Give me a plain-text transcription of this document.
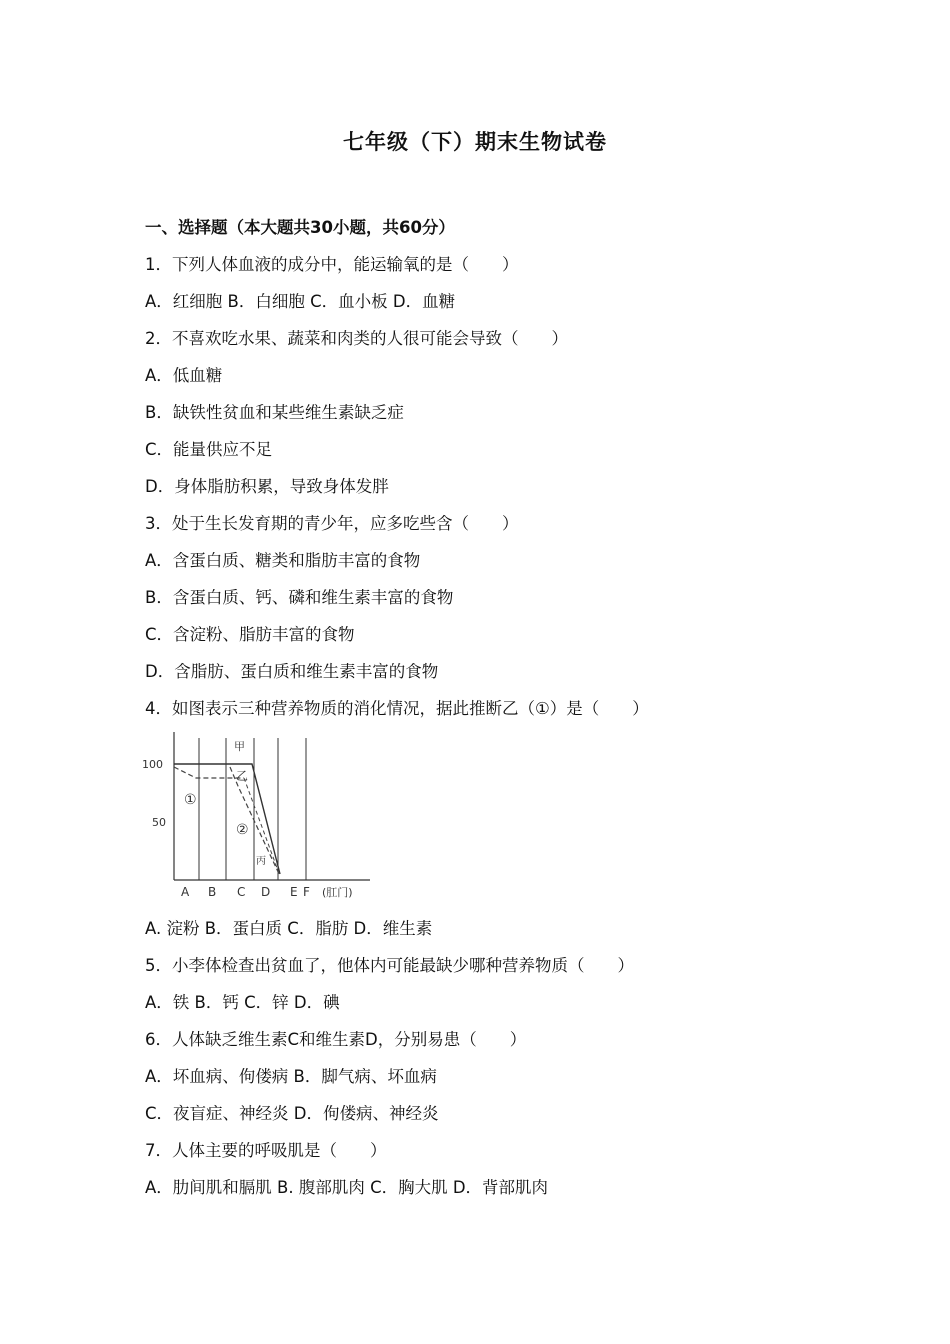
七年级（下）期末生物试卷
一、选择题（本大题共30小题，共60分）
1．下列人体血液的成分中，能运输氧的是（　　）
A．红细胞 B．白细胞 C．血小板 D．血糖
2．不喜欢吃水果、蔬菜和肉类的人很可能会导致（　　）
A．低血糖
B．缺铁性贫血和某些维生素缺乏症
C．能量供应不足
D．身体脂肪积累，导致身体发胖
3．处于生长发育期的青少年，应多吃些含（　　）
A．含蛋白质、糖类和脂肪丰富的食物
B．含蛋白质、钙、磷和维生素丰富的食物
C．含淀粉、脂肪丰富的食物
D．含脂肪、蛋白质和维生素丰富的食物
4．如图表示三种营养物质的消化情况，据此推断乙（①）是（　　）
100
50
甲
乙
丙
①
②
A B C D E F (肛门)
A. 淀粉 B．蛋白质 C．脂肪 D．维生素
5．小李体检查出贫血了，他体内可能最缺少哪种营养物质（　　）
A．铁 B．钙 C．锌 D．碘
6．人体缺乏维生素C和维生素D，分别易患（　　）
A．坏血病、佝偻病 B．脚气病、坏血病
C．夜盲症、神经炎 D．佝偻病、神经炎
7．人体主要的呼吸肌是（　　）
A．肋间肌和膈肌 B. 腹部肌肉 C．胸大肌 D．背部肌肉
